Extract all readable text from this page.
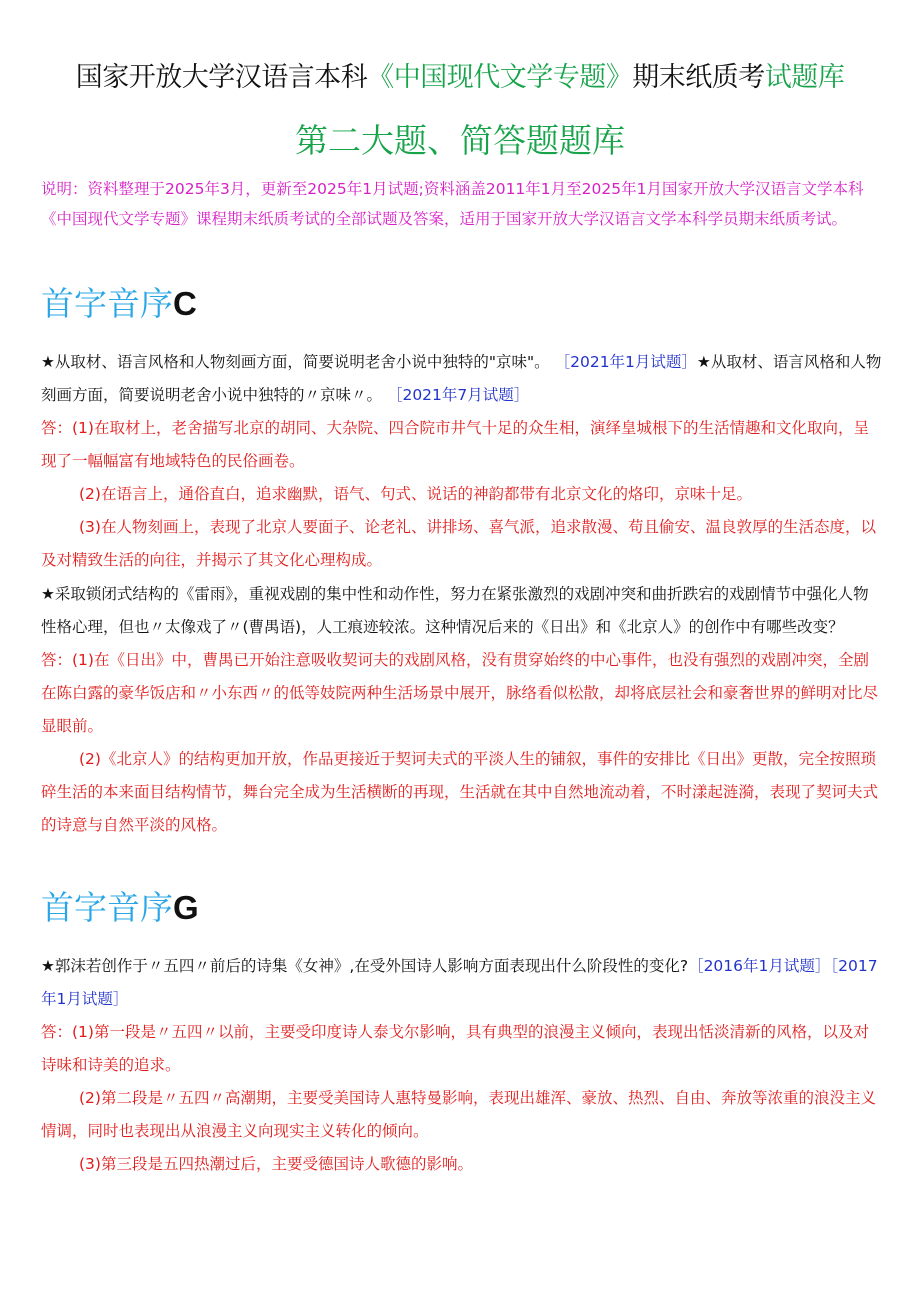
国家开放大学汉语言本科《中国现代文学专题》期末纸质考试题库
第二大题、简答题题库
说明：资料整理于2025年3月，更新至2025年1月试题;资料涵盖2011年1月至2025年1月国家开放大学汉语言文学本科《中国现代文学专题》课程期末纸质考试的全部试题及答案，适用于国家开放大学汉语言文学本科学员期末纸质考试。
首字音序C

★从取材、语言风格和人物刻画方面，简要说明老舍小说中独特的"京味"。 ［2021年1月试题］★从取材、语言风格和人物刻画方面，简要说明老舍小说中独特的〃京味〃。 ［2021年7月试题］

答：(1)在取材上，老舍描写北京的胡同、大杂院、四合院市井气十足的众生相，演绎皇城根下的生活情趣和文化取向，呈现了一幅幅富有地域特色的民俗画卷。

(2)在语言上，通俗直白，追求幽默，语气、句式、说话的神韵都带有北京文化的烙印，京味十足。

(3)在人物刻画上，表现了北京人要面子、论老礼、讲排场、喜气派，追求散漫、苟且偷安、温良敦厚的生活态度，以及对精致生活的向往，并揭示了其文化心理构成。

★采取锁闭式结构的《雷雨》，重视戏剧的集中性和动作性，努力在紧张激烈的戏剧冲突和曲折跌宕的戏剧情节中强化人物性格心理，但也〃太像戏了〃(曹禺语)，人工痕迹较浓。这种情况后来的《日出》和《北京人》的创作中有哪些改变？

答：(1)在《日出》中，曹禺已开始注意吸收契诃夫的戏剧风格，没有贯穿始终的中心事件，也没有强烈的戏剧冲突，全剧在陈白露的豪华饭店和〃小东西〃的低等妓院两种生活场景中展开，脉络看似松散，却将底层社会和豪奢世界的鲜明对比尽显眼前。

(2)《北京人》的结构更加开放，作品更接近于契诃夫式的平淡人生的铺叙，事件的安排比《日出》更散，完全按照琐碎生活的本来面目结构情节，舞台完全成为生活横断的再现，生活就在其中自然地流动着，不时漾起涟漪，表现了契诃夫式的诗意与自然平淡的风格。

首字音序G

★郭沫若创作于〃五四〃前后的诗集《女神》,在受外国诗人影响方面表现出什么阶段性的变化?［2016年1月试题］［2017年1月试题］

答：(1)第一段是〃五四〃以前，主要受印度诗人泰戈尔影响，具有典型的浪漫主义倾向，表现出恬淡清新的风格，以及对诗味和诗美的追求。

(2)第二段是〃五四〃高潮期，主要受美国诗人惠特曼影响，表现出雄浑、豪放、热烈、自由、奔放等浓重的浪没主义情调，同时也表现出从浪漫主义向现实主义转化的倾向。

(3)第三段是五四热潮过后，主要受德国诗人歌德的影响。
